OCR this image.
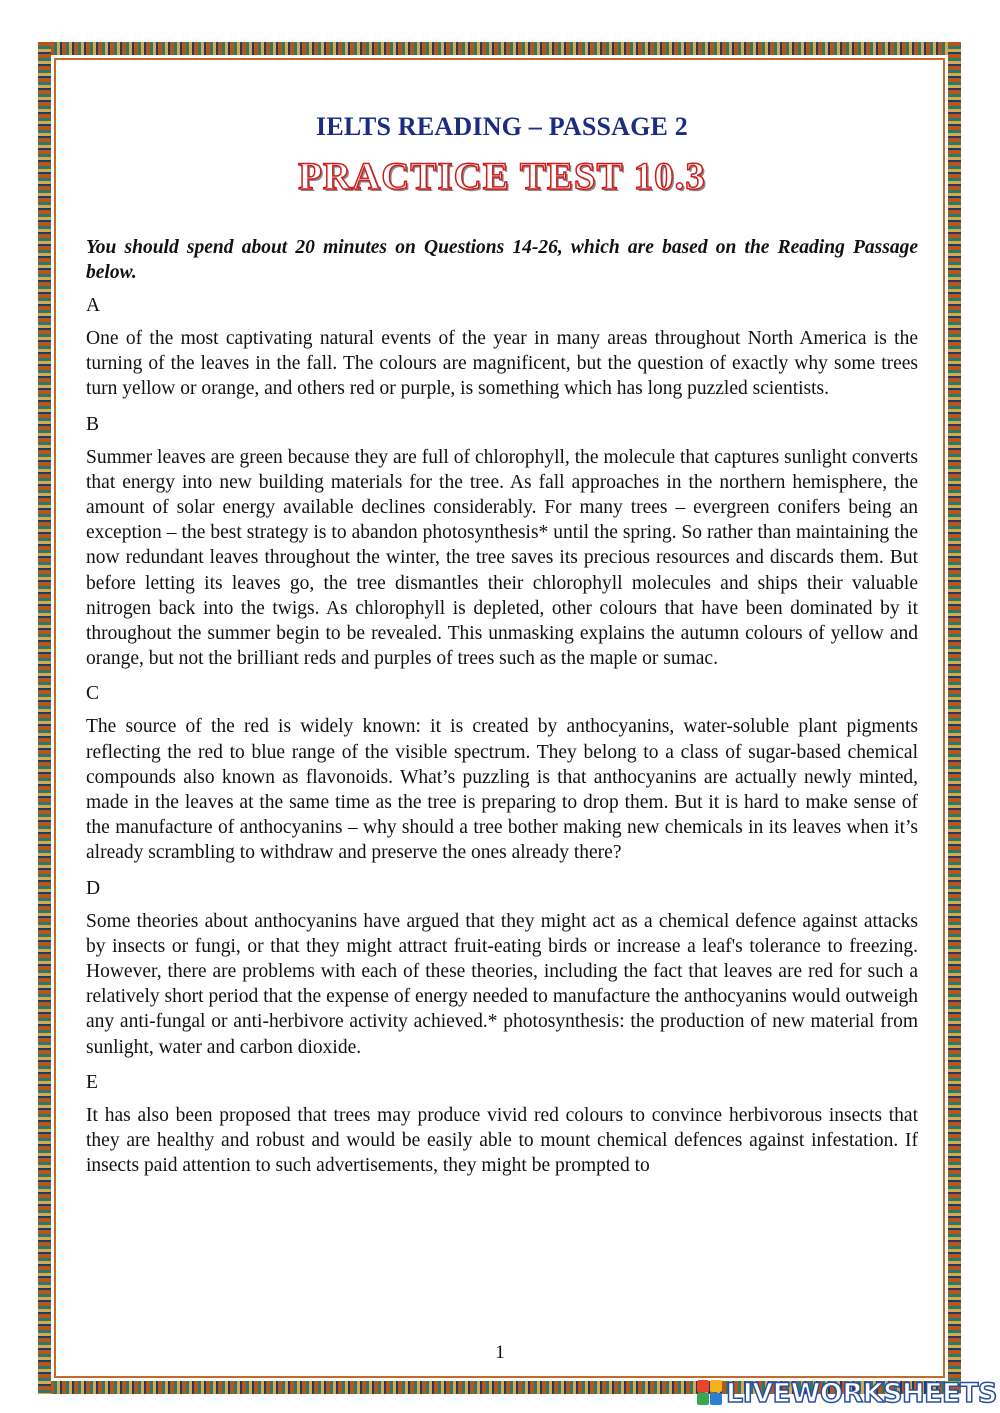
IELTS READING – PASSAGE 2
PRACTICE TEST 10.3

You should spend about 20 minutes on Questions 14-26, which are based on the Reading Passage below.

A

One of the most captivating natural events of the year in many areas throughout North America is the turning of the leaves in the fall. The colours are magnificent, but the question of exactly why some trees turn yellow or orange, and others red or purple, is something which has long puzzled scientists.

B

Summer leaves are green because they are full of chlorophyll, the molecule that captures sunlight converts that energy into new building materials for the tree. As fall approaches in the northern hemisphere, the amount of solar energy available declines considerably. For many trees – evergreen conifers being an exception – the best strategy is to abandon photosynthesis* until the spring. So rather than maintaining the now redundant leaves throughout the winter, the tree saves its precious resources and discards them. But before letting its leaves go, the tree dismantles their chlorophyll molecules and ships their valuable nitrogen back into the twigs. As chlorophyll is depleted, other colours that have been dominated by it throughout the summer begin to be revealed. This unmasking explains the autumn colours of yellow and orange, but not the brilliant reds and purples of trees such as the maple or sumac.

C

The source of the red is widely known: it is created by anthocyanins, water-soluble plant pigments reflecting the red to blue range of the visible spectrum. They belong to a class of sugar-based chemical compounds also known as flavonoids. What’s puzzling is that anthocyanins are actually newly minted, made in the leaves at the same time as the tree is preparing to drop them. But it is hard to make sense of the manufacture of anthocyanins – why should a tree bother making new chemicals in its leaves when it’s already scrambling to withdraw and preserve the ones already there?

D

Some theories about anthocyanins have argued that they might act as a chemical defence against attacks by insects or fungi, or that they might attract fruit-eating birds or increase a leaf's tolerance to freezing. However, there are problems with each of these theories, including the fact that leaves are red for such a relatively short period that the expense of energy needed to manufacture the anthocyanins would outweigh any anti-fungal or anti-herbivore activity achieved.* photosynthesis: the production of new material from sunlight, water and carbon dioxide.

E

It has also been proposed that trees may produce vivid red colours to convince herbivorous insects that they are healthy and robust and would be easily able to mount chemical defences against infestation. If insects paid attention to such advertisements, they might be prompted to

1
LIVEWORKSHEETS
